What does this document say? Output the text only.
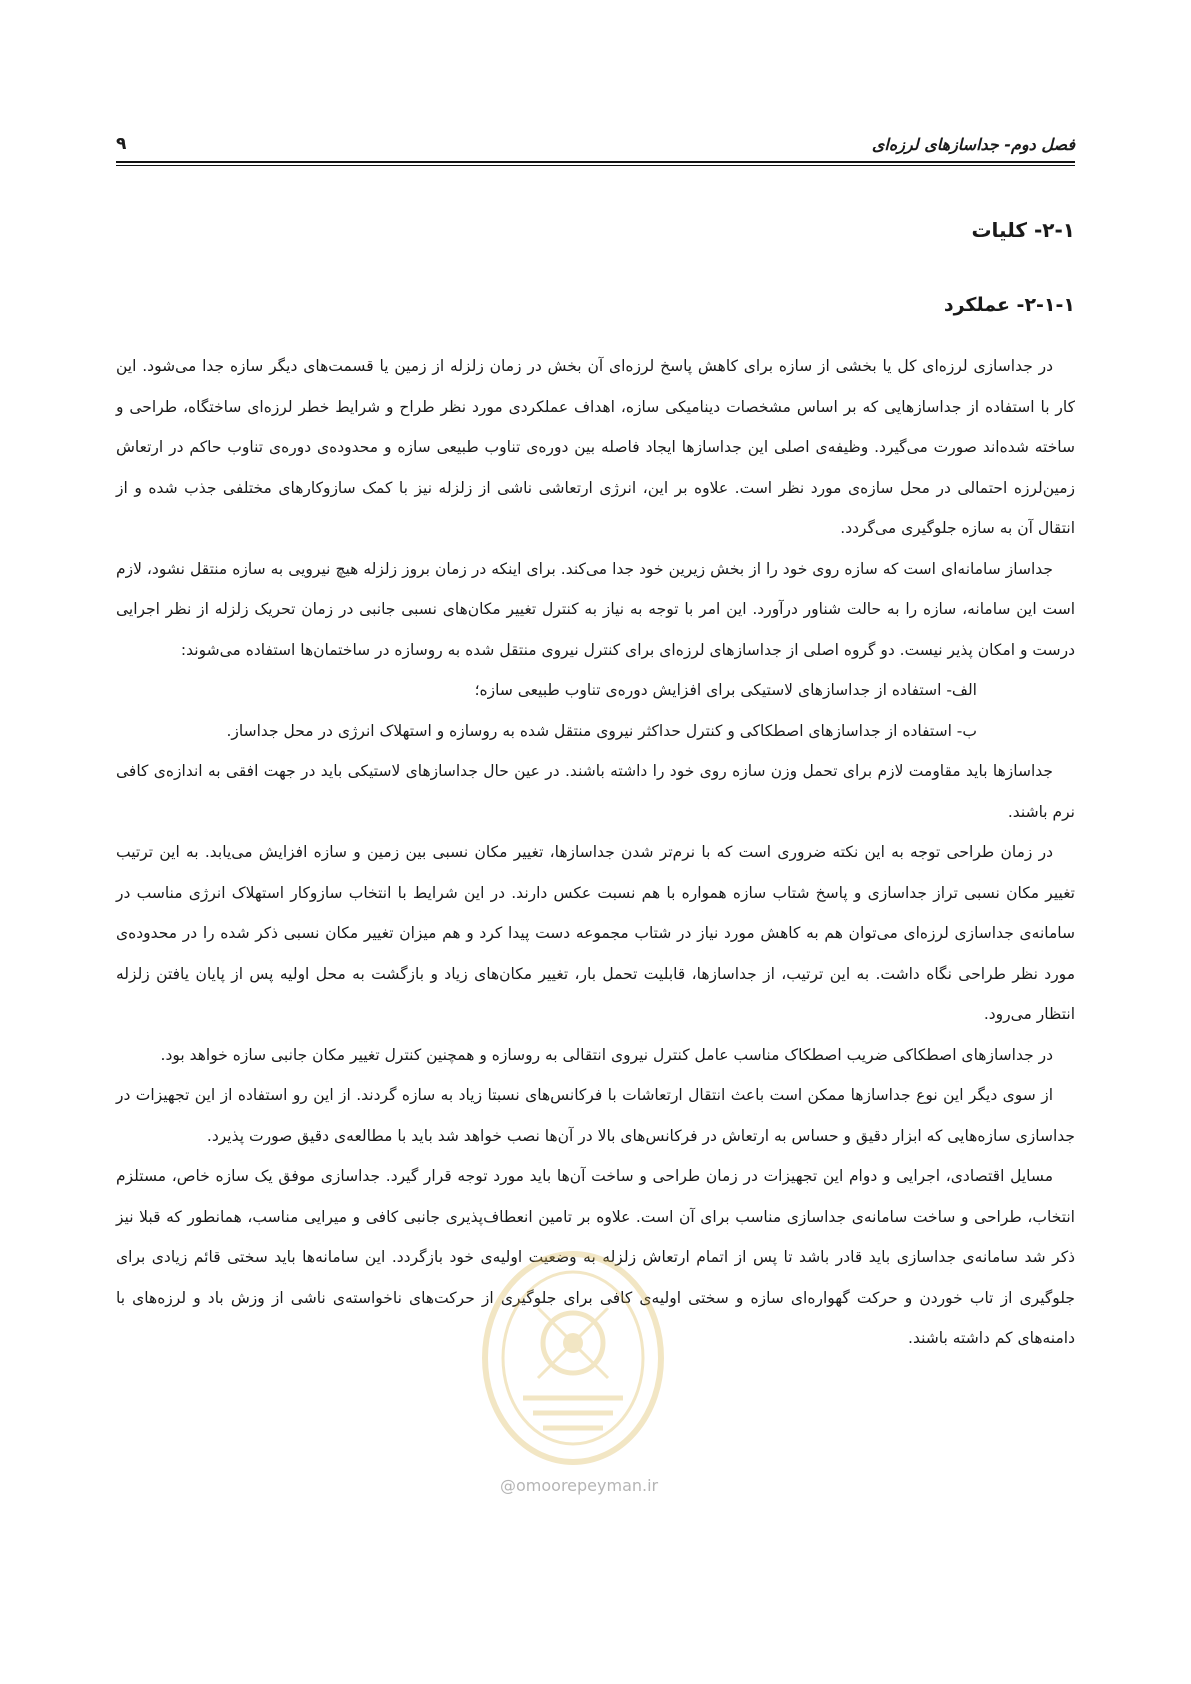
فصل دوم- جداسازهای لرزه‌ای
۹
۲-۱- کلیات
۲-۱-۱- عملکرد

در جداسازی لرزه‌ای کل یا بخشی از سازه برای کاهش پاسخ لرزه‌ای آن بخش در زمان زلزله از زمین یا قسمت‌های دیگر سازه جدا می‌شود. این کار با استفاده از جداسازهایی که بر اساس مشخصات دینامیکی سازه، اهداف عملکردی مورد نظر طراح و شرایط خطر لرزه‌ای ساختگاه، طراحی و ساخته شده‌اند صورت می‌گیرد. وظیفه‌ی اصلی این جداسازها ایجاد فاصله بین دوره‌ی تناوب طبیعی سازه و محدوده‌ی دوره‌ی تناوب حاکم در ارتعاش زمین‌لرزه احتمالی در محل سازه‌ی مورد نظر است. علاوه بر این، انرژی ارتعاشی ناشی از زلزله نیز با کمک سازوکارهای مختلفی جذب شده و از انتقال آن به سازه جلوگیری می‌گردد.

جداساز سامانه‌ای است که سازه روی خود را از بخش زیرین خود جدا می‌کند. برای اینکه در زمان بروز زلزله هیچ نیرویی به سازه منتقل نشود، لازم است این سامانه، سازه را به حالت شناور درآورد. این امر با توجه به نیاز به کنترل تغییر مکان‌های نسبی جانبی در زمان تحریک زلزله از نظر اجرایی درست و امکان پذیر نیست. دو گروه اصلی از جداسازهای لرزه‌ای برای کنترل نیروی منتقل شده به روسازه در ساختمان‌ها استفاده می‌شوند:

الف- استفاده از جداسازهای لاستیکی برای افزایش دوره‌ی تناوب طبیعی سازه؛

ب- استفاده از جداسازهای اصطکاکی و کنترل حداکثر نیروی منتقل شده به روسازه و استهلاک انرژی در محل جداساز.

جداسازها باید مقاومت لازم برای تحمل وزن سازه روی خود را داشته باشند. در عین حال جداسازهای لاستیکی باید در جهت افقی به اندازه‌ی کافی نرم باشند.

در زمان طراحی توجه به این نکته ضروری است که با نرم‌تر شدن جداسازها، تغییر مکان نسبی بین زمین و سازه افزایش می‌یابد. به این ترتیب تغییر مکان نسبی تراز جداسازی و پاسخ شتاب سازه همواره با هم نسبت عکس دارند. در این شرایط با انتخاب سازوکار استهلاک انرژی مناسب در سامانه‌ی جداسازی لرزه‌ای می‌توان هم به کاهش مورد نیاز در شتاب مجموعه دست پیدا کرد و هم میزان تغییر مکان نسبی ذکر شده را در محدوده‌ی مورد نظر طراحی نگاه داشت. به این ترتیب، از جداسازها، قابلیت تحمل بار، تغییر مکان‌های زیاد و بازگشت به محل اولیه پس از پایان یافتن زلزله انتظار می‌رود.

در جداسازهای اصطکاکی ضریب اصطکاک مناسب عامل کنترل نیروی انتقالی به روسازه و همچنین کنترل تغییر مکان جانبی سازه خواهد بود.

از سوی دیگر این نوع جداسازها ممکن است باعث انتقال ارتعاشات با فرکانس‌های نسبتا زیاد به سازه گردند. از این رو استفاده از این تجهیزات در جداسازی سازه‌هایی که ابزار دقیق و حساس به ارتعاش در فرکانس‌های بالا در آن‌ها نصب خواهد شد باید با مطالعه‌ی دقیق صورت پذیرد.

مسایل اقتصادی، اجرایی و دوام این تجهیزات در زمان طراحی و ساخت آن‌ها باید مورد توجه قرار گیرد. جداسازی موفق یک سازه خاص، مستلزم انتخاب، طراحی و ساخت سامانه‌ی جداسازی مناسب برای آن است. علاوه بر تامین انعطاف‌پذیری جانبی کافی و میرایی مناسب، همانطور که قبلا نیز ذکر شد سامانه‌ی جداسازی باید قادر باشد تا پس از اتمام ارتعاش زلزله به وضعیت اولیه‌ی خود بازگردد. این سامانه‌ها باید سختی قائم زیادی برای جلوگیری از تاب خوردن و حرکت گهواره‌ای سازه و سختی اولیه‌ی کافی برای جلوگیری از حرکت‌های ناخواسته‌ی ناشی از وزش باد و لرزه‌های با دامنه‌های کم داشته باشند.

@omoorepeyman.ir
